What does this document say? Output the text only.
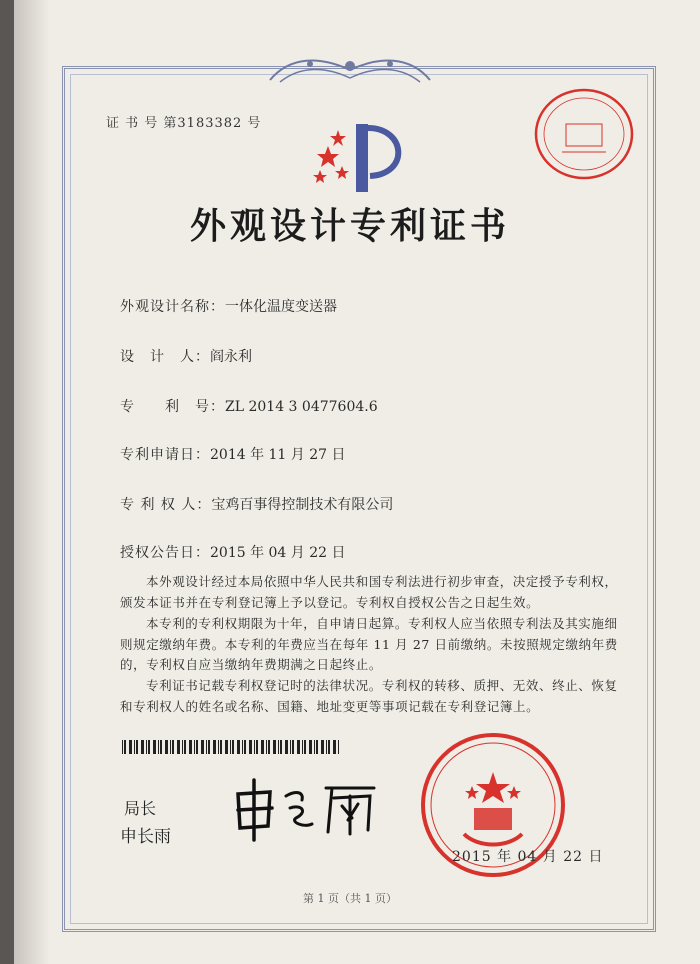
证 书 号 第3183382 号
外观设计专利证书
外观设计名称：一体化温度变送器
设　计　人：阎永利
专　　利　号：ZL 2014 3 0477604.6
专利申请日：2014 年 11 月 27 日
专 利 权 人：宝鸡百事得控制技术有限公司
授权公告日：2015 年 04 月 22 日
本外观设计经过本局依照中华人民共和国专利法进行初步审查，决定授予专利权，颁发本证书并在专利登记簿上予以登记。专利权自授权公告之日起生效。
本专利的专利权期限为十年，自申请日起算。专利权人应当依照专利法及其实施细则规定缴纳年费。本专利的年费应当在每年 11 月 27 日前缴纳。未按照规定缴纳年费的，专利权自应当缴纳年费期满之日起终止。
专利证书记载专利权登记时的法律状况。专利权的转移、质押、无效、终止、恢复和专利权人的姓名或名称、国籍、地址变更等事项记载在专利登记簿上。
局长
申长雨
2015 年 04 月 22 日
第 1 页（共 1 页）
